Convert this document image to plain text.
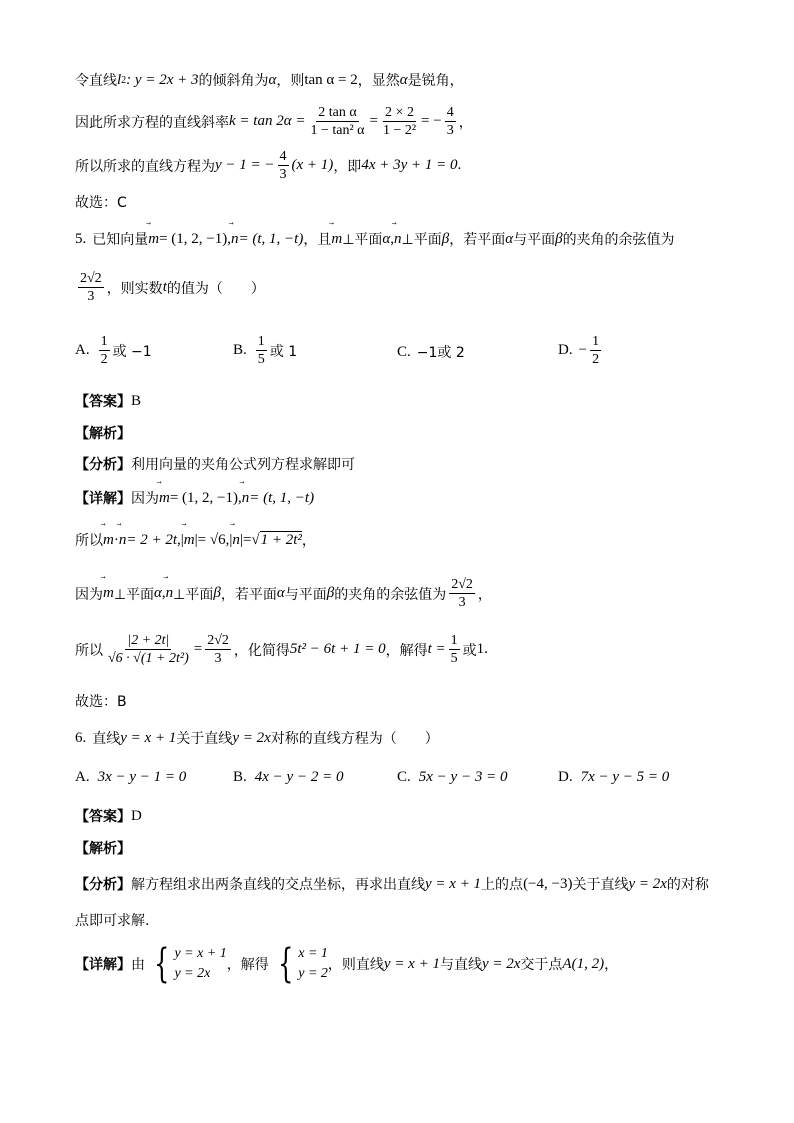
令直线 l 2 : y = 2x + 3 的倾斜角为 α ，则 tan α = 2 ，显然 α 是锐角，
因此所求方程的直线斜率 $k = \tan 2\alpha = \frac{\text{2 tan α}}{\text{1 − tan² α}} = \frac{2 \times 2}{\text{1 − 2²}}$ = − $\frac{4}{3}$ ，
所以所求的直线方程为 y − 1 = − $\frac{4}{3} (x + 1)$ ，即 4x + 3y + 1 = 0 .
故选：C
5. 已知向量 ⃗ m = (1, 2, −1), ⃗ n = (t, 1, −t) ，且 ⃗ m ⊥平面 α , ⃗ n ⊥平面 β ，若平面 α 与平面 β 的夹角的余弦值为
$\frac{2√2}{3}$ ，则实数 t 的值为（　　）
A. $\frac{1}{2}$ 或 −1	B. $\frac{1}{5}$ 或 1	C. −1或 2	D. − $\frac{1}{2}$
【答案】 B
【解析】
【分析】 利用向量的夹角公式列方程求解即可
【详解】 因为 ⃗ m = (1, 2, −1), ⃗ n = (t, 1, −t)
所以 ⃗ m · ⃗ n = 2 + 2t, | ⃗ m | = √6, | ⃗ n | = √ 1 + 2t² ，
因为 ⃗ m ⊥平面 α , ⃗ n ⊥平面 β ，若平面 α 与平面 β 的夹角的余弦值为 $\frac{2√2}{3}$ ，
所以 $\frac{|2 + 2t|}{\text{√6 · √(1 + 2t²)}} = \frac{2√2}{3}$ ，化简得 5t² − 6t + 1 = 0 ，解得 $t = \frac{1}{5}$ 或 1 .
故选：B
6. 直线 y = x + 1 关于直线 y = 2x 对称的直线方程为（　　）
A. 3x − y − 1 = 0	B. 4x − y − 2 = 0	C. 5x − y − 3 = 0	D. 7x − y − 5 = 0
【答案】 D
【解析】
【分析】 解方程组求出两条直线的交点坐标，再求出直线 y = x + 1 上的点 (−4, −3) 关于直线 y = 2x 的对称
点即可求解.
【详解】 由 { y = x + 1
y = 2x
，解得 { x = 1
y = 2
，则直线 y = x + 1 与直线 y = 2x 交于点 A(1, 2) ，
